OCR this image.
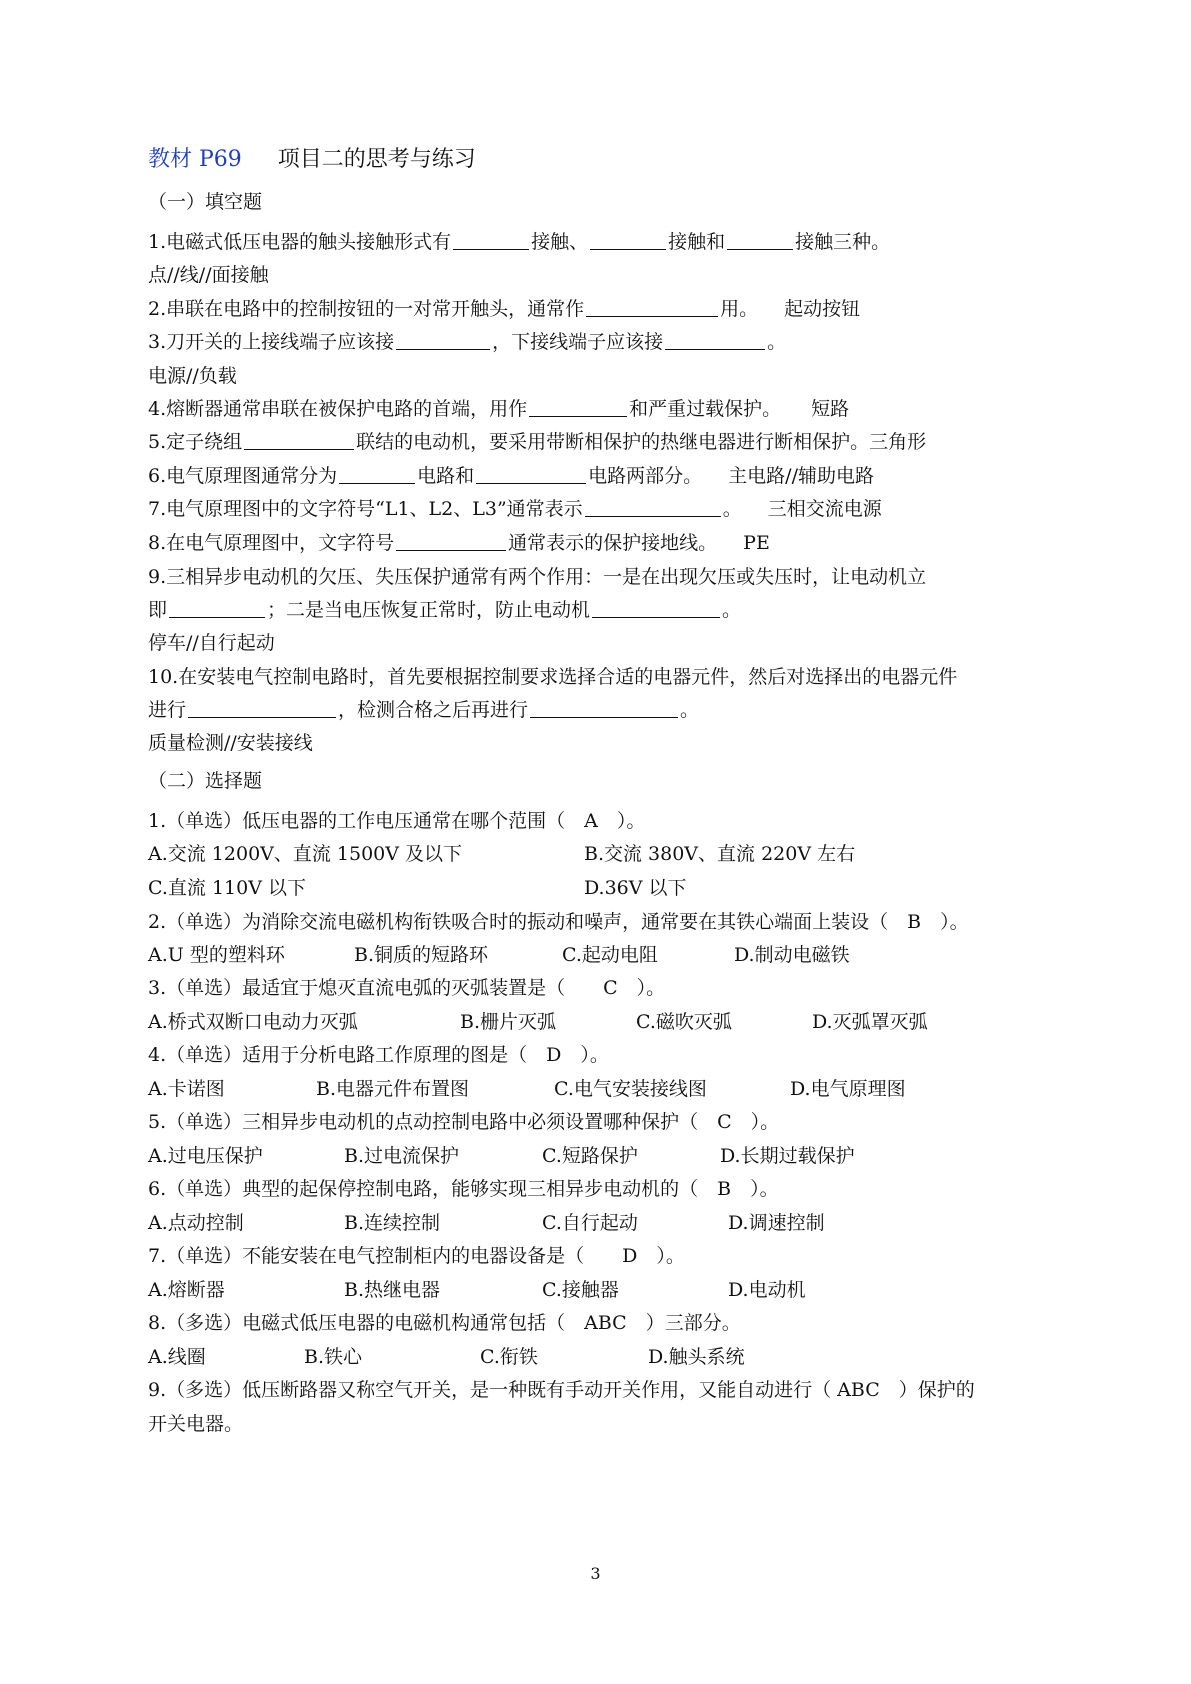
教材 P69 项目二的思考与练习
（一）填空题
1.电磁式低压电器的触头接触形式有	接触、	接触和	接触三种。
点//线//面接触
2.串联在电路中的控制按钮的一对常开触头，通常作	用。 起动按钮
3.刀开关的上接线端子应该接	，下接线端子应该接	。
电源//负载
4.熔断器通常串联在被保护电路的首端，用作	和严重过载保护。 短路
5.定子绕组	联结的电动机，要采用带断相保护的热继电器进行断相保护。三角形
6.电气原理图通常分为	电路和	电路两部分。 主电路//辅助电路
7.电气原理图中的文字符号“L1、L2、L3”通常表示	。 三相交流电源
8.在电气原理图中，文字符号	通常表示的保护接地线。 PE
9.三相异步电动机的欠压、失压保护通常有两个作用：一是在出现欠压或失压时，让电动机立
即	；二是当电压恢复正常时，防止电动机	。
停车//自行起动
10.在安装电气控制电路时，首先要根据控制要求选择合适的电器元件，然后对选择出的电器元件
进行	，检测合格之后再进行	。
质量检测//安装接线
（二）选择题
1.（单选）低压电器的工作电压通常在哪个范围（　A　）。
A.交流 1200V、直流 1500V 及以下	B.交流 380V、直流 220V 左右
C.直流 110V 以下	D.36V 以下
2.（单选）为消除交流电磁机构衔铁吸合时的振动和噪声，通常要在其铁心端面上装设（　B　）。
A.U 型的塑料环	B.铜质的短路环	C.起动电阻	D.制动电磁铁
3.（单选）最适宜于熄灭直流电弧的灭弧装置是（　　C　）。
A.桥式双断口电动力灭弧	B.栅片灭弧	C.磁吹灭弧	D.灭弧罩灭弧
4.（单选）适用于分析电路工作原理的图是（　D　）。
A.卡诺图	B.电器元件布置图	C.电气安装接线图	D.电气原理图
5.（单选）三相异步电动机的点动控制电路中必须设置哪种保护（　C　）。
A.过电压保护	B.过电流保护	C.短路保护	D.长期过载保护
6.（单选）典型的起保停控制电路，能够实现三相异步电动机的（　B　）。
A.点动控制	B.连续控制	C.自行起动	D.调速控制
7.（单选）不能安装在电气控制柜内的电器设备是（　　D　）。
A.熔断器	B.热继电器	C.接触器	D.电动机
8.（多选）电磁式低压电器的电磁机构通常包括（　ABC　）三部分。
A.线圈	B.铁心	C.衔铁	D.触头系统
9.（多选）低压断路器又称空气开关，是一种既有手动开关作用，又能自动进行（ ABC　）保护的
开关电器。
3
